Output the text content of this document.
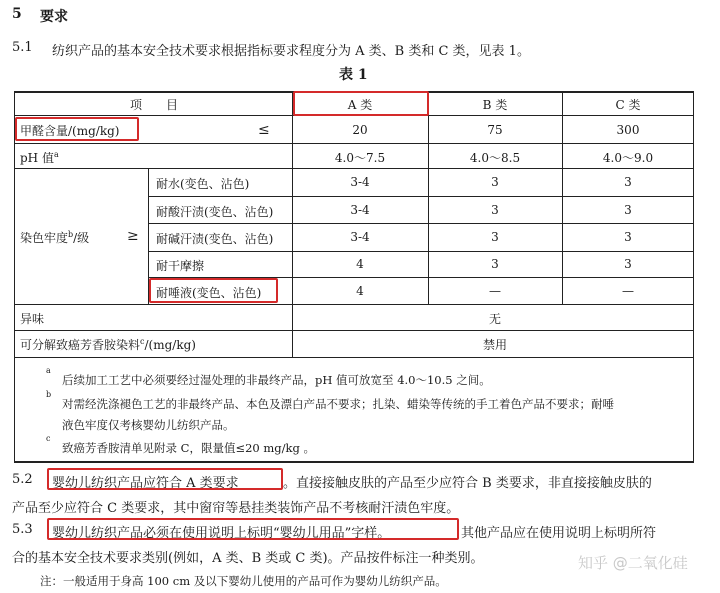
5 要求
5.1 纺织产品的基本安全技术要求根据指标要求程度分为 A 类、B 类和 C 类，见表 1。
表 1
项　　目	A 类	B 类	C 类
甲醛含量/(mg/kg)	≤	20	75	300
pH 值$^a$	4.0～7.5	4.0～8.5	4.0～9.0
染色牢度$^b$/级	≥
耐水(变色、沾色)	3-4	3	3
耐酸汗渍(变色、沾色)	3-4	3	3
耐碱汗渍(变色、沾色)	3-4	3	3
耐干摩擦	4	3	3
耐唾液(变色、沾色)	4	—	—
异味	无
可分解致癌芳香胺染料$^c$/(mg/kg)	禁用
a
后续加工工艺中必须要经过湿处理的非最终产品，pH 值可放宽至 4.0～10.5 之间。
b
对需经洗涤褪色工艺的非最终产品、本色及漂白产品不要求；扎染、蜡染等传统的手工着色产品不要求；耐唾
液色牢度仅考核婴幼儿纺织产品。
c
致癌芳香胺清单见附录 C，限量值≤20 mg/kg 。
5.2 婴幼儿纺织产品应符合 A 类要求	。直接接触皮肤的产品至少应符合 B 类要求，非直接接触皮肤的
产品至少应符合 C 类要求，其中窗帘等悬挂类装饰产品不考核耐汗渍色牢度。
5.3 婴幼儿纺织产品必须在使用说明上标明“婴幼儿用品”字样。	其他产品应在使用说明上标明所符
合的基本安全技术要求类别(例如，A 类、B 类或 C 类)。产品按件标注一种类别。
注：一般适用于身高 100 cm 及以下婴幼儿使用的产品可作为婴幼儿纺织产品。
知乎 @二氧化硅
